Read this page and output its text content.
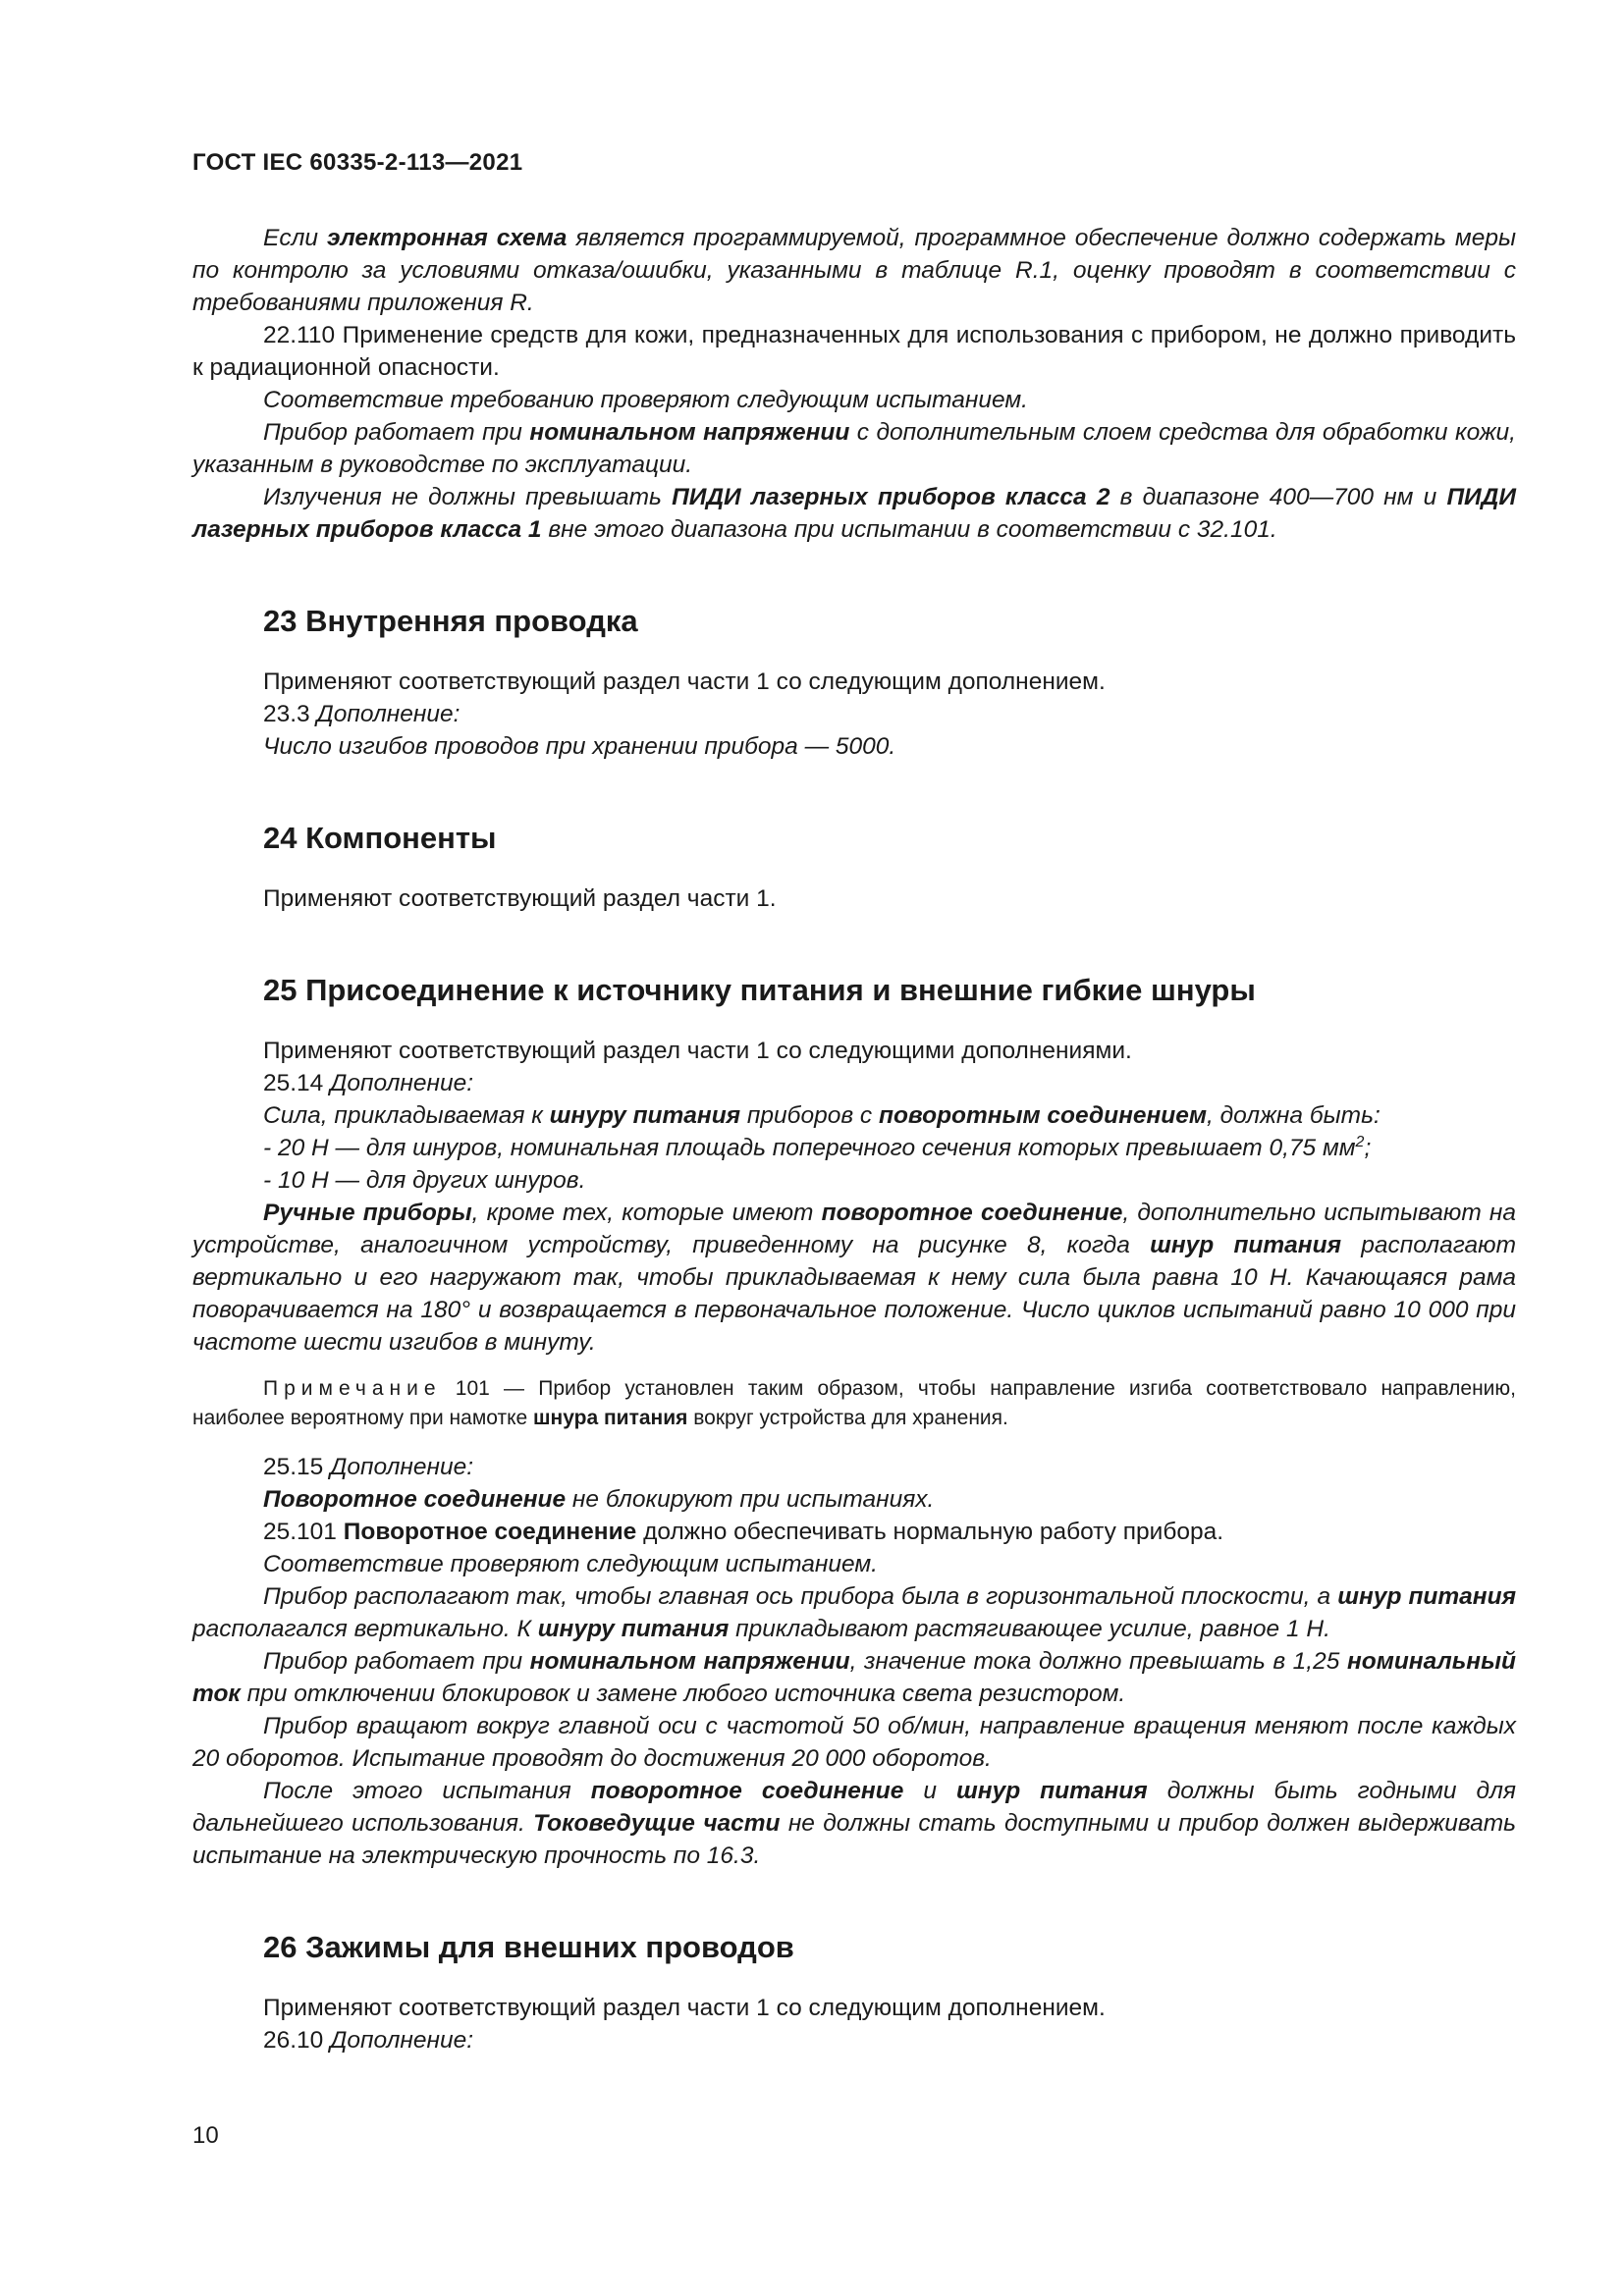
ГОСТ IEC 60335-2-113—2021

Если электронная схема является программируемой, программное обеспечение должно содержать меры по контролю за условиями отказа/ошибки, указанными в таблице R.1, оценку проводят в соответствии с требованиями приложения R.

22.110 Применение средств для кожи, предназначенных для использования с прибором, не должно приводить к радиационной опасности.

Соответствие требованию проверяют следующим испытанием.

Прибор работает при номинальном напряжении с дополнительным слоем средства для обработки кожи, указанным в руководстве по эксплуатации.

Излучения не должны превышать ПИДИ лазерных приборов класса 2 в диапазоне 400—700 нм и ПИДИ лазерных приборов класса 1 вне этого диапазона при испытании в соответствии с 32.101.

23 Внутренняя проводка

Применяют соответствующий раздел части 1 со следующим дополнением.

23.3 Дополнение:

Число изгибов проводов при хранении прибора — 5000.

24 Компоненты

Применяют соответствующий раздел части 1.

25 Присоединение к источнику питания и внешние гибкие шнуры

Применяют соответствующий раздел части 1 со следующими дополнениями.

25.14 Дополнение:

Сила, прикладываемая к шнуру питания приборов с поворотным соединением, должна быть:

- 20 Н — для шнуров, номинальная площадь поперечного сечения которых превышает 0,75 $мм^2$;

- 10 Н — для других шнуров.

Ручные приборы, кроме тех, которые имеют поворотное соединение, дополнительно испытывают на устройстве, аналогичном устройству, приведенному на рисунке 8, когда шнур питания располагают вертикально и его нагружают так, чтобы прикладываемая к нему сила была равна 10 Н. Качающаяся рама поворачивается на 180° и возвращается в первоначальное положение. Число циклов испытаний равно 10 000 при частоте шести изгибов в минуту.

Примечание 101 — Прибор установлен таким образом, чтобы направление изгиба соответствовало направлению, наиболее вероятному при намотке шнура питания вокруг устройства для хранения.

25.15 Дополнение:

Поворотное соединение не блокируют при испытаниях.

25.101 Поворотное соединение должно обеспечивать нормальную работу прибора.

Соответствие проверяют следующим испытанием.

Прибор располагают так, чтобы главная ось прибора была в горизонтальной плоскости, а шнур питания располагался вертикально. К шнуру питания прикладывают растягивающее усилие, равное 1 Н.

Прибор работает при номинальном напряжении, значение тока должно превышать в 1,25 номинальный ток при отключении блокировок и замене любого источника света резистором.

Прибор вращают вокруг главной оси с частотой 50 об/мин, направление вращения меняют после каждых 20 оборотов. Испытание проводят до достижения 20 000 оборотов.

После этого испытания поворотное соединение и шнур питания должны быть годными для дальнейшего использования. Токоведущие части не должны стать доступными и прибор должен выдерживать испытание на электрическую прочность по 16.3.

26 Зажимы для внешних проводов

Применяют соответствующий раздел части 1 со следующим дополнением.

26.10 Дополнение:

10
